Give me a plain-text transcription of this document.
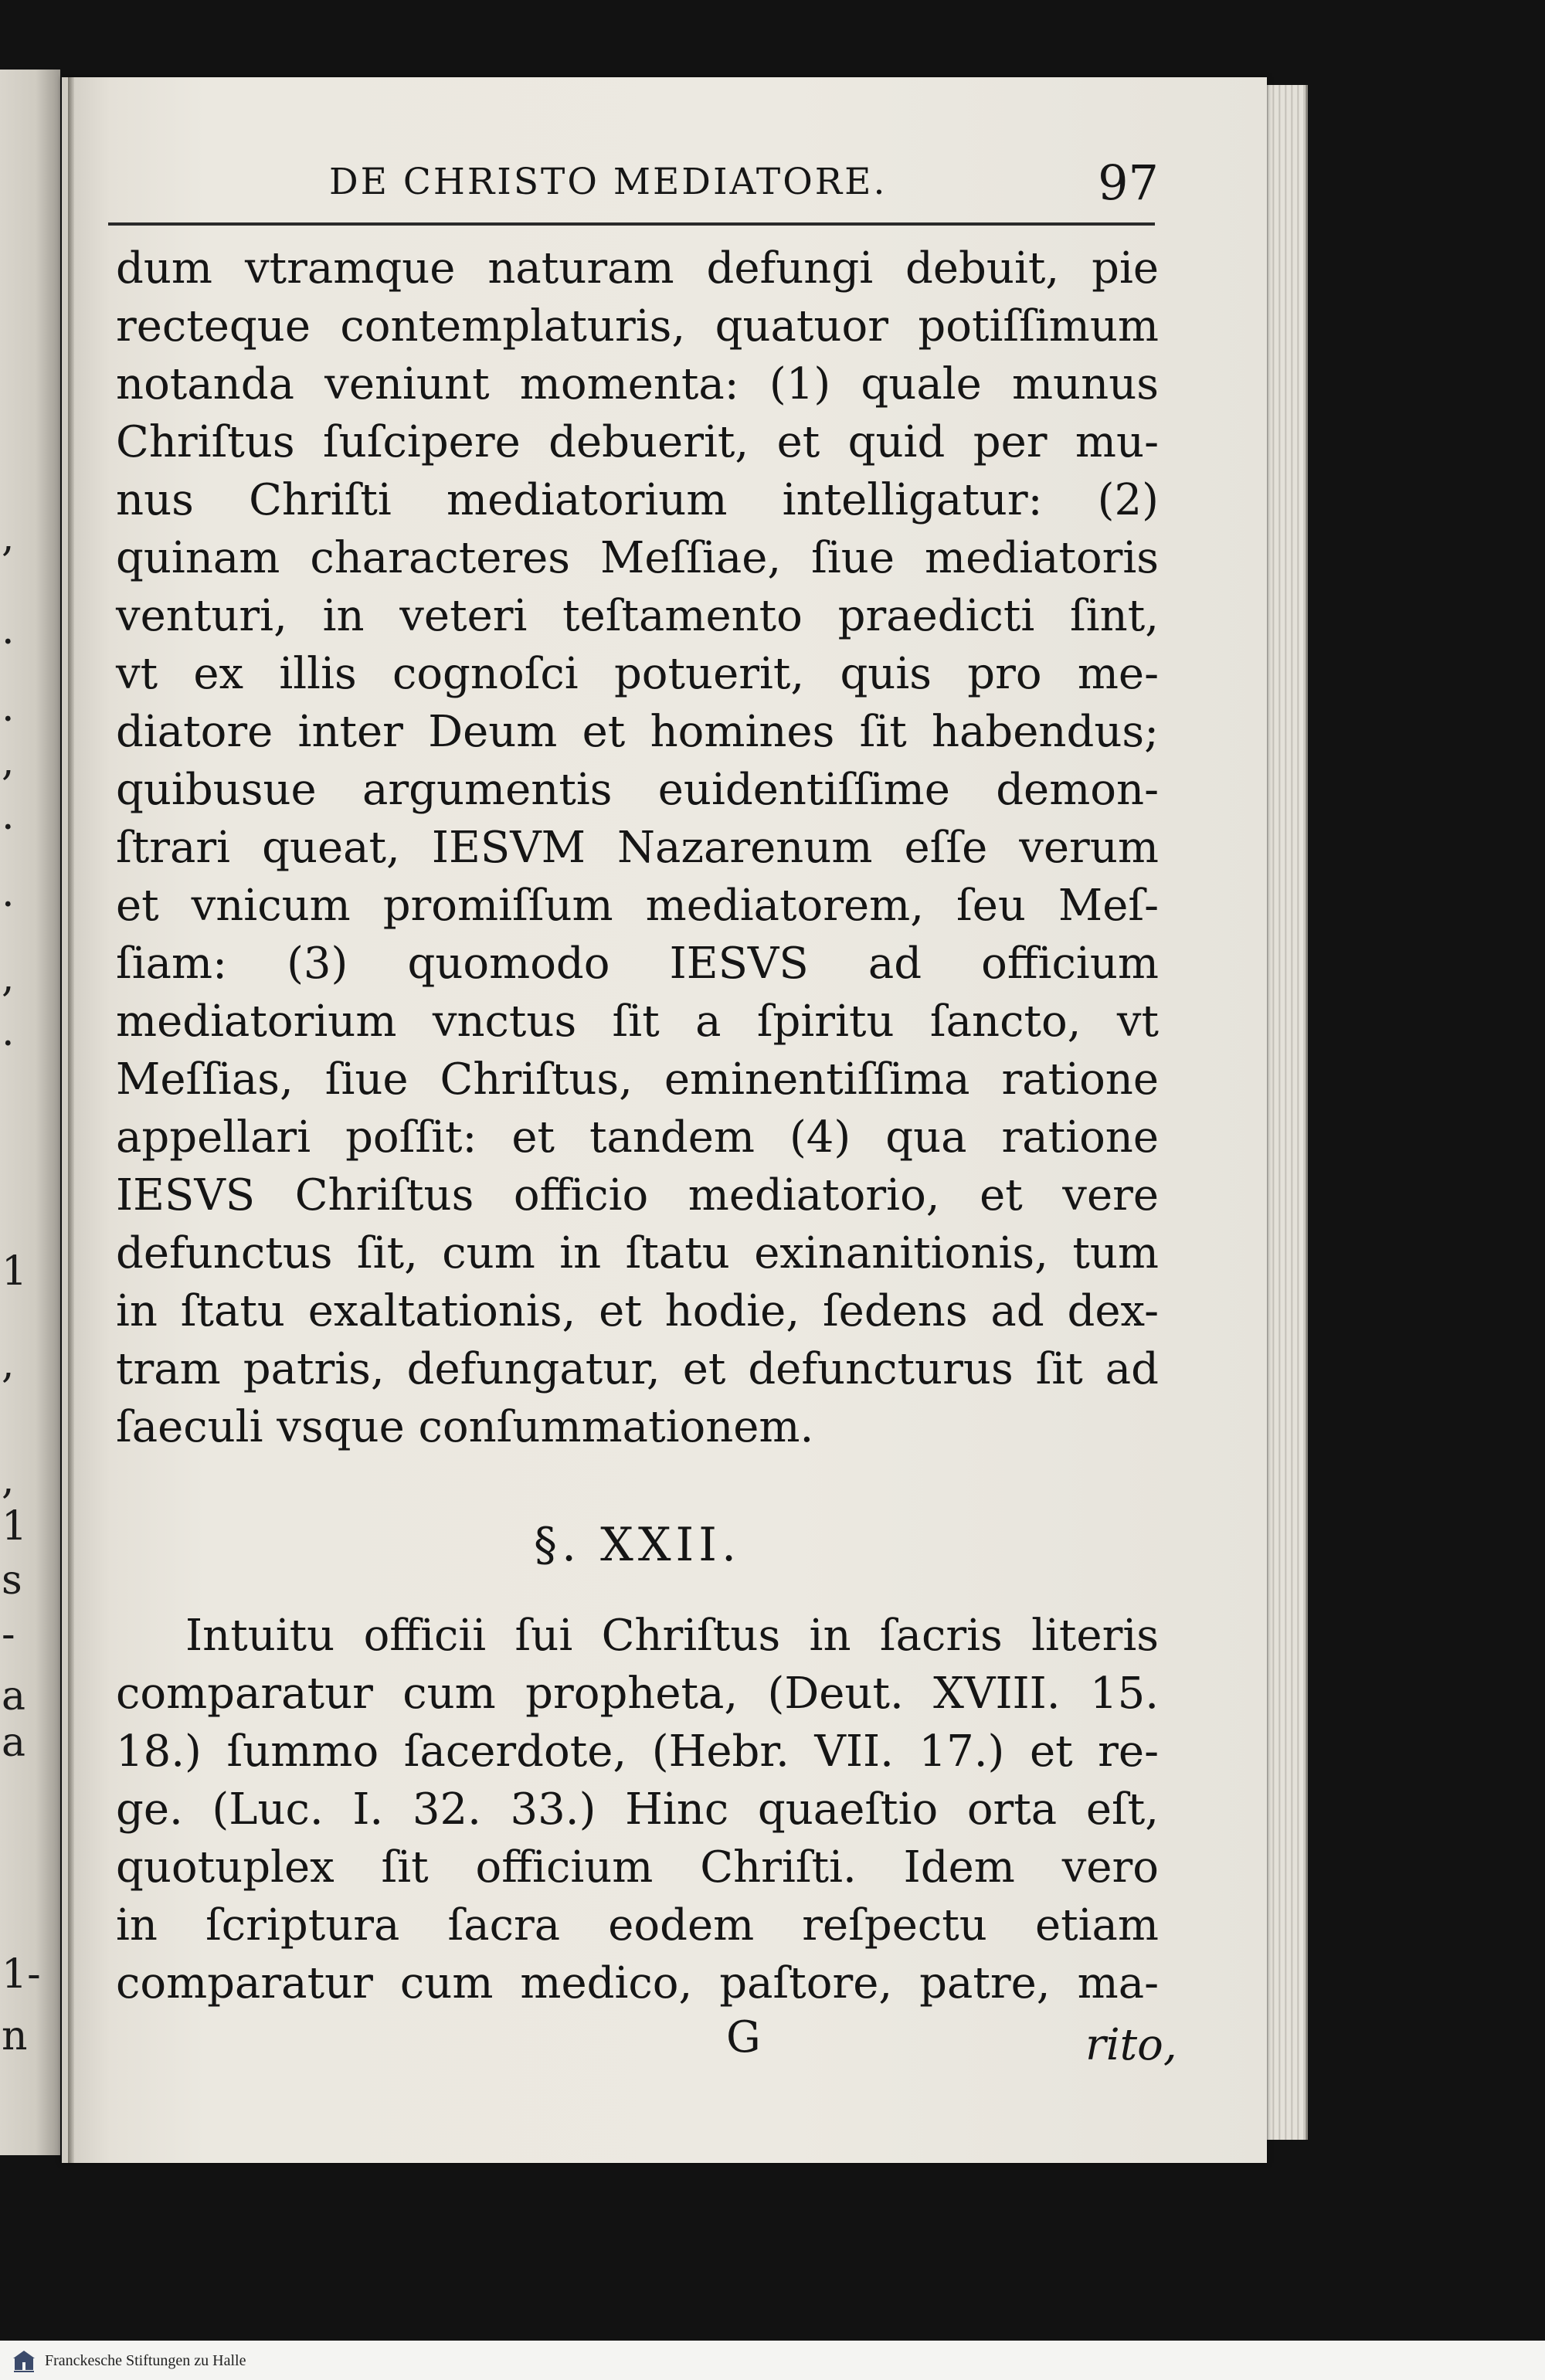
,
.
.
,
.
.
,
.
1
,
,
1
s
-
a
a
1-
n
DE CHRISTO MEDIATORE.	97
dum vtramque naturam defungi debuit, pie
recteque contemplaturis, quatuor potiſſimum
notanda veniunt momenta: (1) quale munus
Chriſtus ſuſcipere debuerit, et quid per mu-
nus Chriſti mediatorium intelligatur: (2)
quinam characteres Meſſiae, ſiue mediatoris
venturi, in veteri teſtamento praedicti ſint,
vt ex illis cognoſci potuerit, quis pro me-
diatore inter Deum et homines ſit habendus;
quibusue argumentis euidentiſſime demon-
ſtrari queat, IESVM Nazarenum eſſe verum
et vnicum promiſſum mediatorem, ſeu Meſ-
ſiam: (3) quomodo IESVS ad officium
mediatorium vnctus ſit a ſpiritu ſancto, vt
Meſſias, ſiue Chriſtus, eminentiſſima ratione
appellari poſſit: et tandem (4) qua ratione
IESVS Chriſtus officio mediatorio, et vere
defunctus ſit, cum in ſtatu exinanitionis, tum
in ſtatu exaltationis, et hodie, ſedens ad dex-
tram patris, defungatur, et defuncturus ſit ad
ſaeculi vsque conſummationem.
§. XXII.
Intuitu officii ſui Chriſtus in ſacris literis
comparatur cum propheta, (Deut. XVIII. 15.
18.) ſummo ſacerdote, (Hebr. VII. 17.) et re-
ge. (Luc. I. 32. 33.) Hinc quaeſtio orta eſt,
quotuplex ſit officium Chriſti. Idem vero
in ſcriptura ſacra eodem reſpectu etiam
comparatur cum medico, paſtore, patre, ma-
G	rito,
Franckesche Stiftungen zu Halle
